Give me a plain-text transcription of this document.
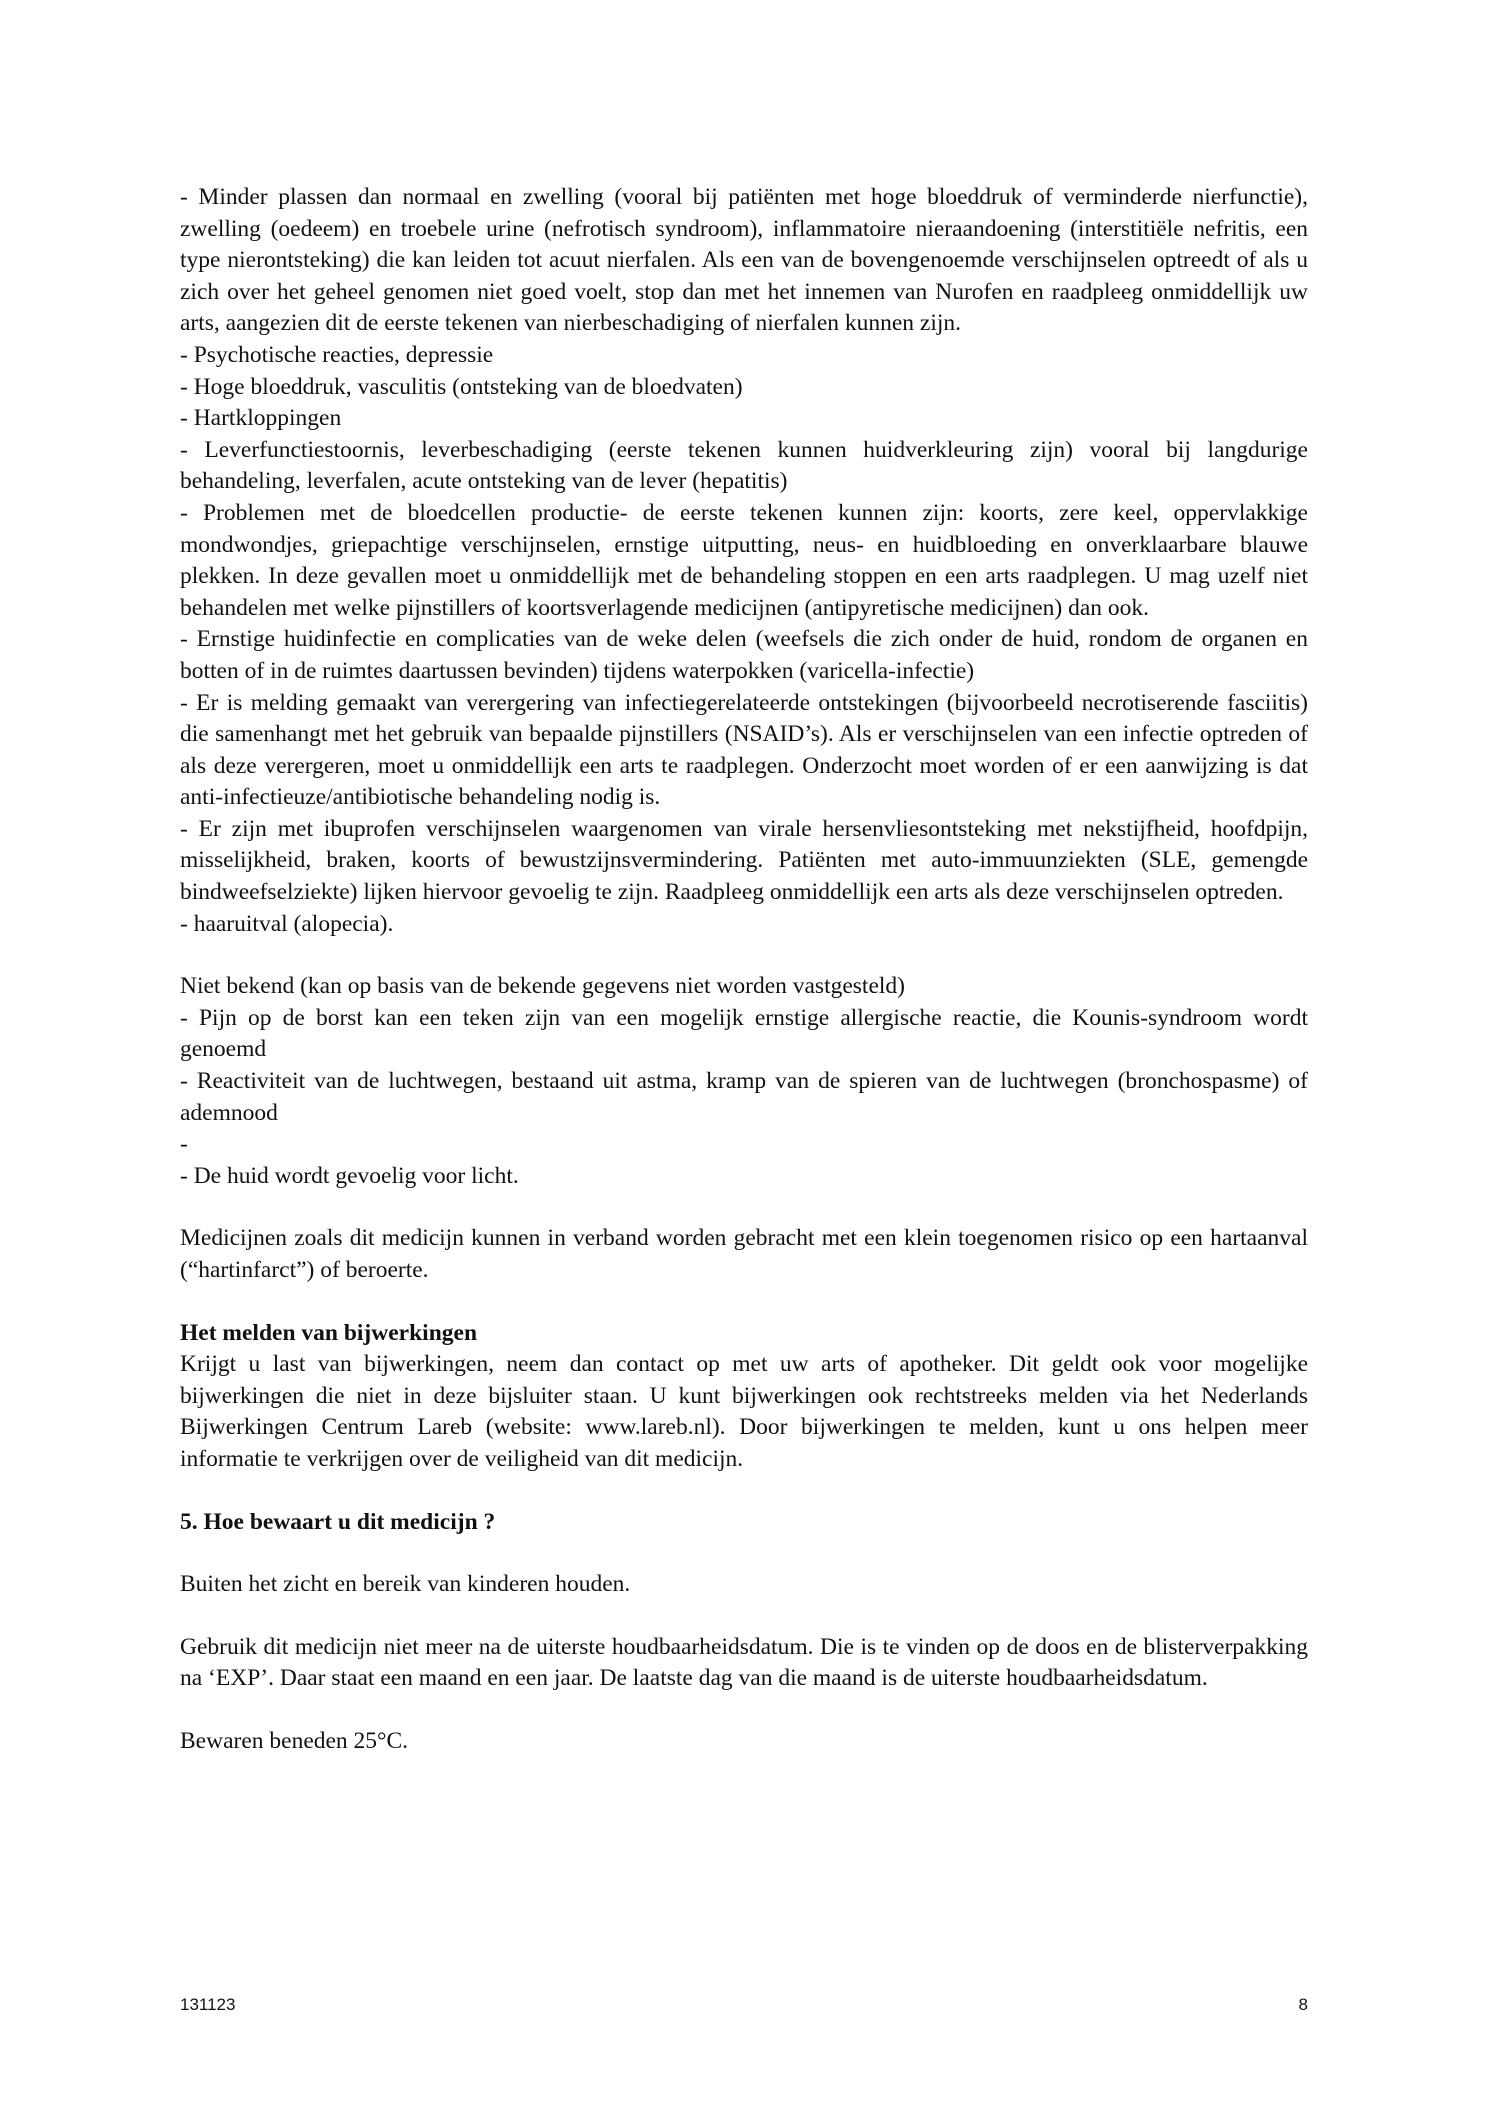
- Minder plassen dan normaal en zwelling (vooral bij patiënten met hoge bloeddruk of verminderde nierfunctie), zwelling (oedeem) en troebele urine (nefrotisch syndroom), inflammatoire nieraandoening (interstitiële nefritis, een type nierontsteking) die kan leiden tot acuut nierfalen. Als een van de bovengenoemde verschijnselen optreedt of als u zich over het geheel genomen niet goed voelt, stop dan met het innemen van Nurofen en raadpleeg onmiddellijk uw arts, aangezien dit de eerste tekenen van nierbeschadiging of nierfalen kunnen zijn.

- Psychotische reacties, depressie

- Hoge bloeddruk, vasculitis (ontsteking van de bloedvaten)

- Hartkloppingen

- Leverfunctiestoornis, leverbeschadiging (eerste tekenen kunnen huidverkleuring zijn) vooral bij langdurige behandeling, leverfalen, acute ontsteking van de lever (hepatitis)

- Problemen met de bloedcellen productie- de eerste tekenen kunnen zijn: koorts, zere keel, oppervlakkige mondwondjes, griepachtige verschijnselen, ernstige uitputting, neus- en huidbloeding en onverklaarbare blauwe plekken. In deze gevallen moet u onmiddellijk met de behandeling stoppen en een arts raadplegen. U mag uzelf niet behandelen met welke pijnstillers of koortsverlagende medicijnen (antipyretische medicijnen) dan ook.

- Ernstige huidinfectie en complicaties van de weke delen (weefsels die zich onder de huid, rondom de organen en botten of in de ruimtes daartussen bevinden) tijdens waterpokken (varicella-infectie)

- Er is melding gemaakt van verergering van infectiegerelateerde ontstekingen (bijvoorbeeld necrotiserende fasciitis) die samenhangt met het gebruik van bepaalde pijnstillers (NSAID’s). Als er verschijnselen van een infectie optreden of als deze verergeren, moet u onmiddellijk een arts te raadplegen. Onderzocht moet worden of er een aanwijzing is dat anti-infectieuze/antibiotische behandeling nodig is.

- Er zijn met ibuprofen verschijnselen waargenomen van virale hersenvliesontsteking met nekstijfheid, hoofdpijn, misselijkheid, braken, koorts of bewustzijnsvermindering. Patiënten met auto-immuunziekten (SLE, gemengde bindweefselziekte) lijken hiervoor gevoelig te zijn. Raadpleeg onmiddellijk een arts als deze verschijnselen optreden.

- haaruitval (alopecia).

Niet bekend (kan op basis van de bekende gegevens niet worden vastgesteld)

- Pijn op de borst kan een teken zijn van een mogelijk ernstige allergische reactie, die Kounis-syndroom wordt genoemd

- Reactiviteit van de luchtwegen, bestaand uit astma, kramp van de spieren van de luchtwegen (bronchospasme) of ademnood

-

- De huid wordt gevoelig voor licht.

Medicijnen zoals dit medicijn kunnen in verband worden gebracht met een klein toegenomen risico op een hartaanval (“hartinfarct”) of beroerte.

Het melden van bijwerkingen

Krijgt u last van bijwerkingen, neem dan contact op met uw arts of apotheker. Dit geldt ook voor mogelijke bijwerkingen die niet in deze bijsluiter staan. U kunt bijwerkingen ook rechtstreeks melden via het Nederlands Bijwerkingen Centrum Lareb (website: www.lareb.nl). Door bijwerkingen te melden, kunt u ons helpen meer informatie te verkrijgen over de veiligheid van dit medicijn.

5. Hoe bewaart u dit medicijn ?

Buiten het zicht en bereik van kinderen houden.

Gebruik dit medicijn niet meer na de uiterste houdbaarheidsdatum. Die is te vinden op de doos en de blisterverpakking na ‘EXP’. Daar staat een maand en een jaar. De laatste dag van die maand is de uiterste houdbaarheidsdatum.

Bewaren beneden 25°C.

131123	8
